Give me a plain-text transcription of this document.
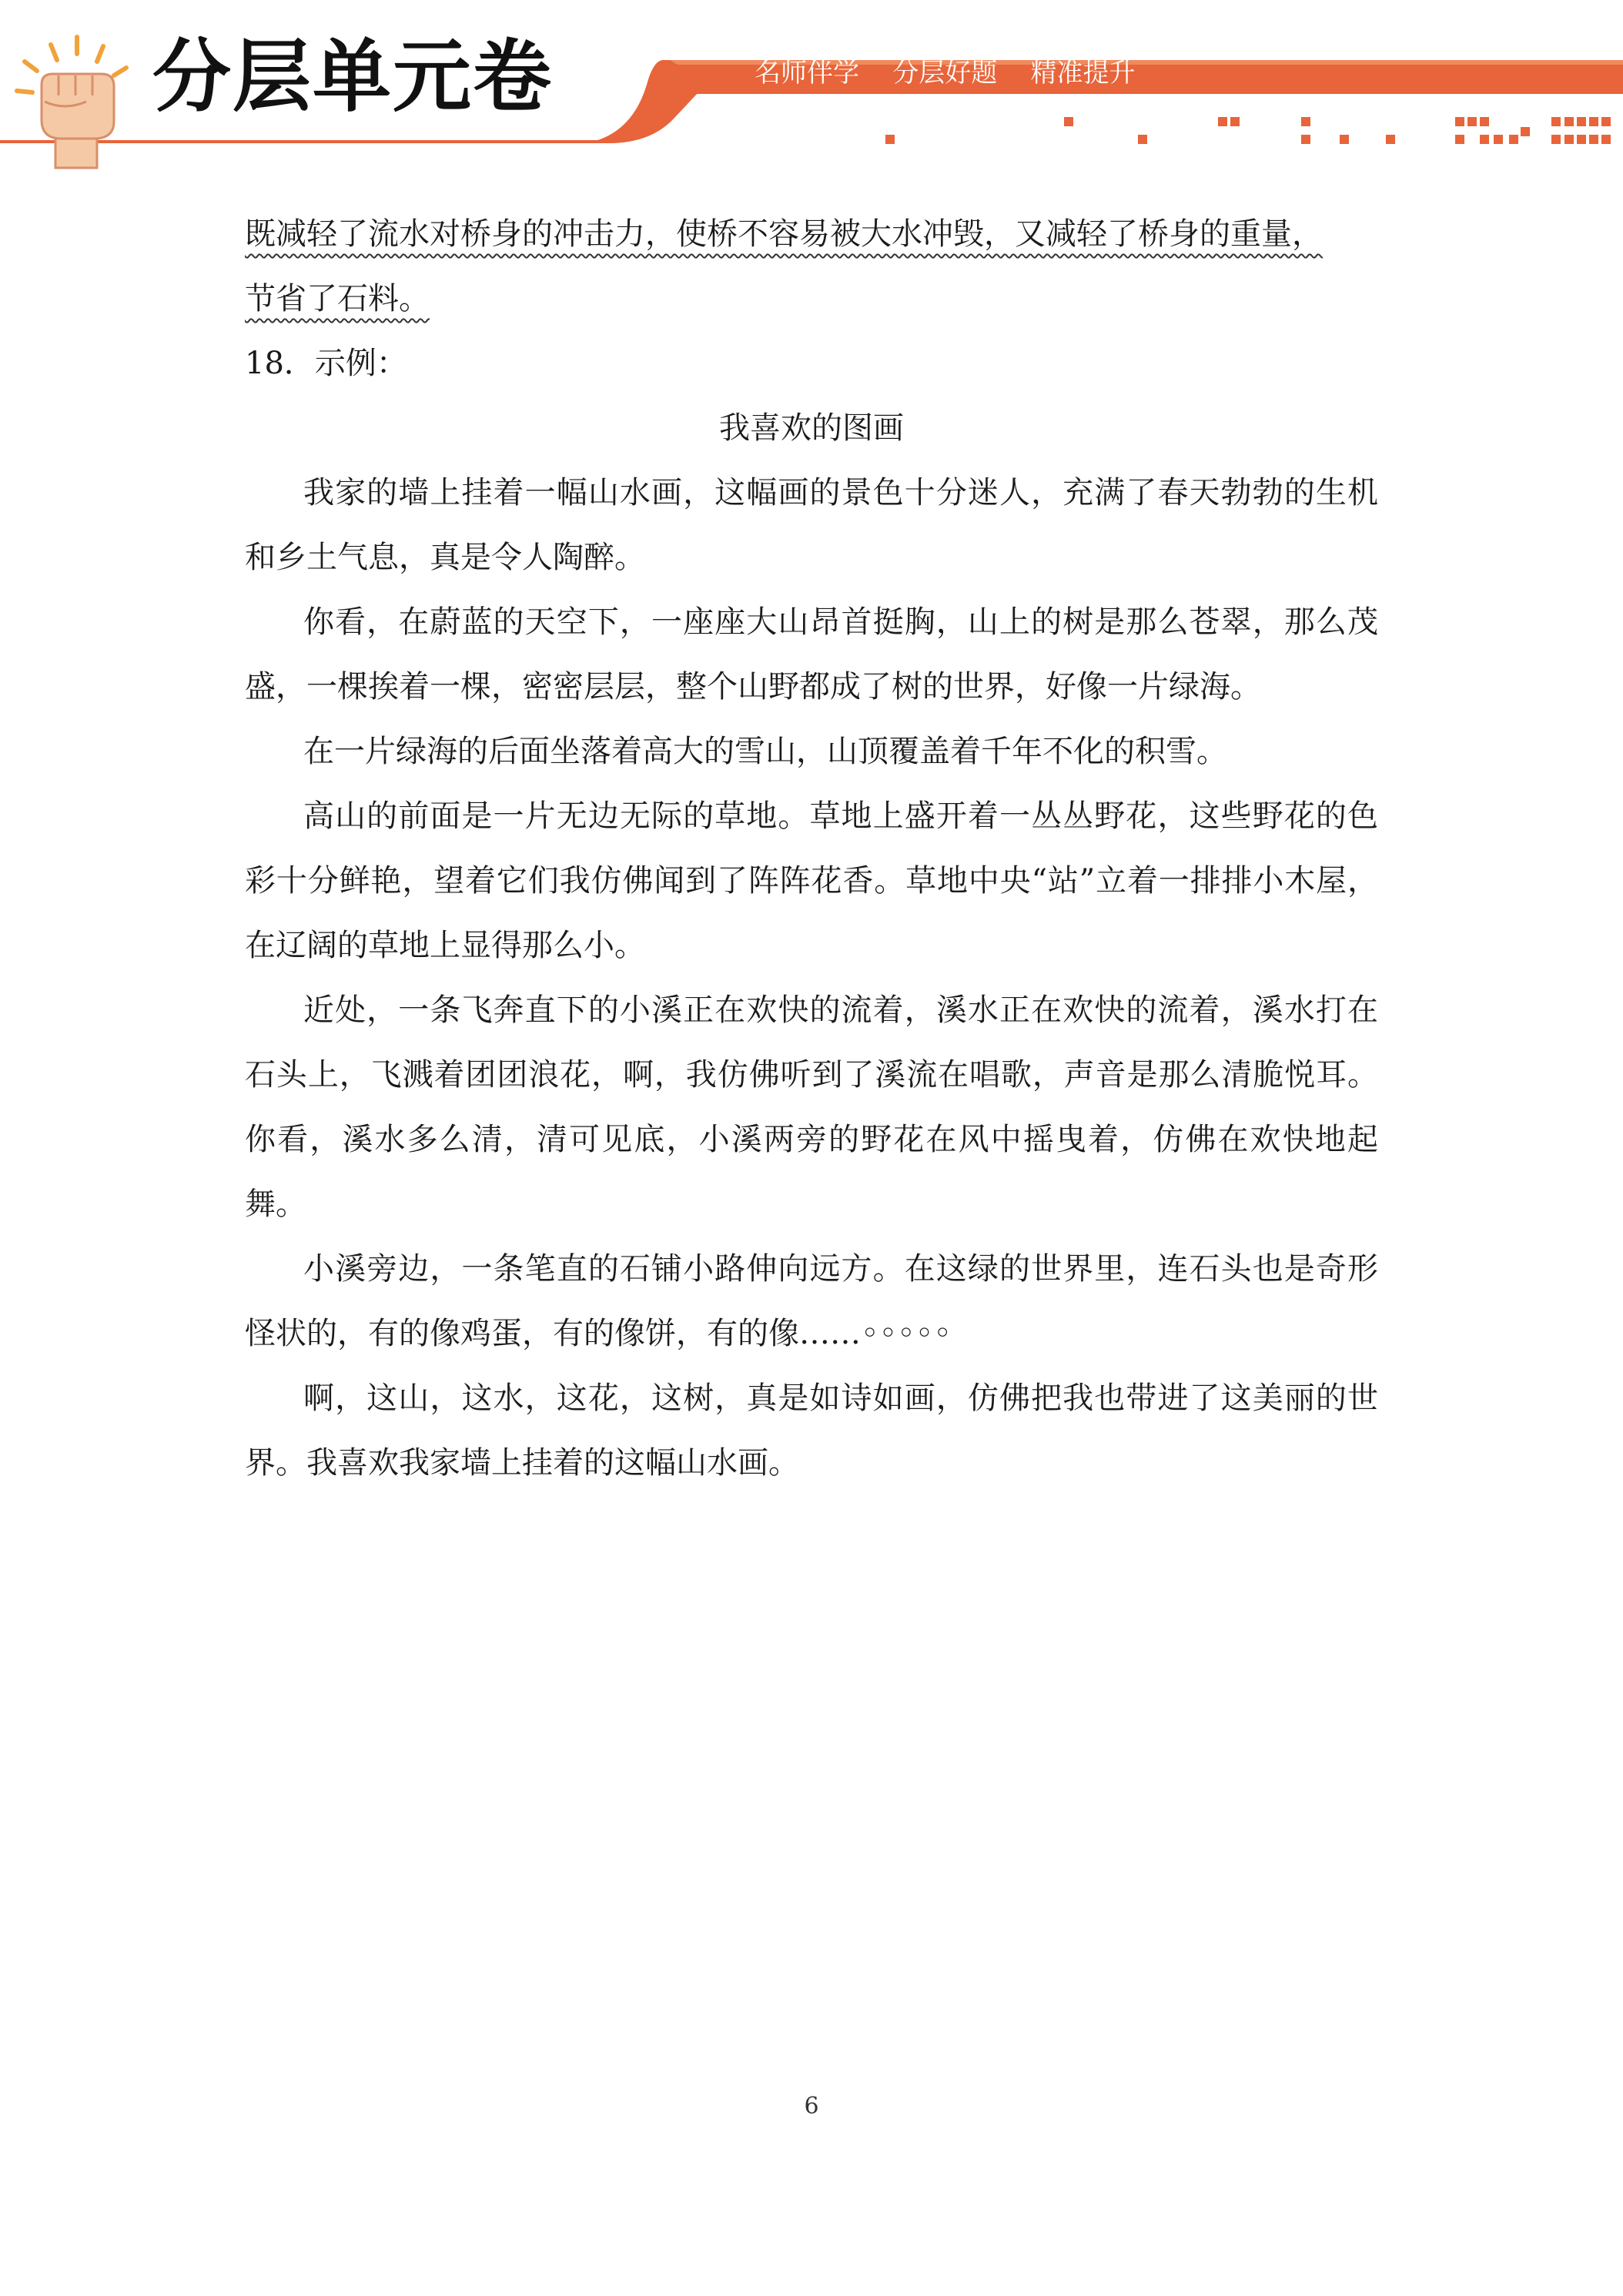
分层单元卷	名师伴学    分层好题    精准提升
既减轻了流水对桥身的冲击力，使桥不容易被大水冲毁，又减轻了桥身的重量，
节省了石料。
18．示例：
我喜欢的图画

我家的墙上挂着一幅山水画，这幅画的景色十分迷人，充满了春天勃勃的生机和乡土气息，真是令人陶醉。

你看，在蔚蓝的天空下，一座座大山昂首挺胸，山上的树是那么苍翠，那么茂盛，一棵挨着一棵，密密层层，整个山野都成了树的世界，好像一片绿海。

在一片绿海的后面坐落着高大的雪山，山顶覆盖着千年不化的积雪。

高山的前面是一片无边无际的草地。草地上盛开着一丛丛野花，这些野花的色彩十分鲜艳，望着它们我仿佛闻到了阵阵花香。草地中央“站”立着一排排小木屋，在辽阔的草地上显得那么小。

近处，一条飞奔直下的小溪正在欢快的流着，溪水正在欢快的流着，溪水打在石头上，飞溅着团团浪花，啊，我仿佛听到了溪流在唱歌，声音是那么清脆悦耳。你看，溪水多么清，清可见底，小溪两旁的野花在风中摇曳着，仿佛在欢快地起舞。

小溪旁边，一条笔直的石铺小路伸向远方。在这绿的世界里，连石头也是奇形怪状的，有的像鸡蛋，有的像饼，有的像……◦◦◦◦◦

啊，这山，这水，这花，这树，真是如诗如画，仿佛把我也带进了这美丽的世界。我喜欢我家墙上挂着的这幅山水画。

6
